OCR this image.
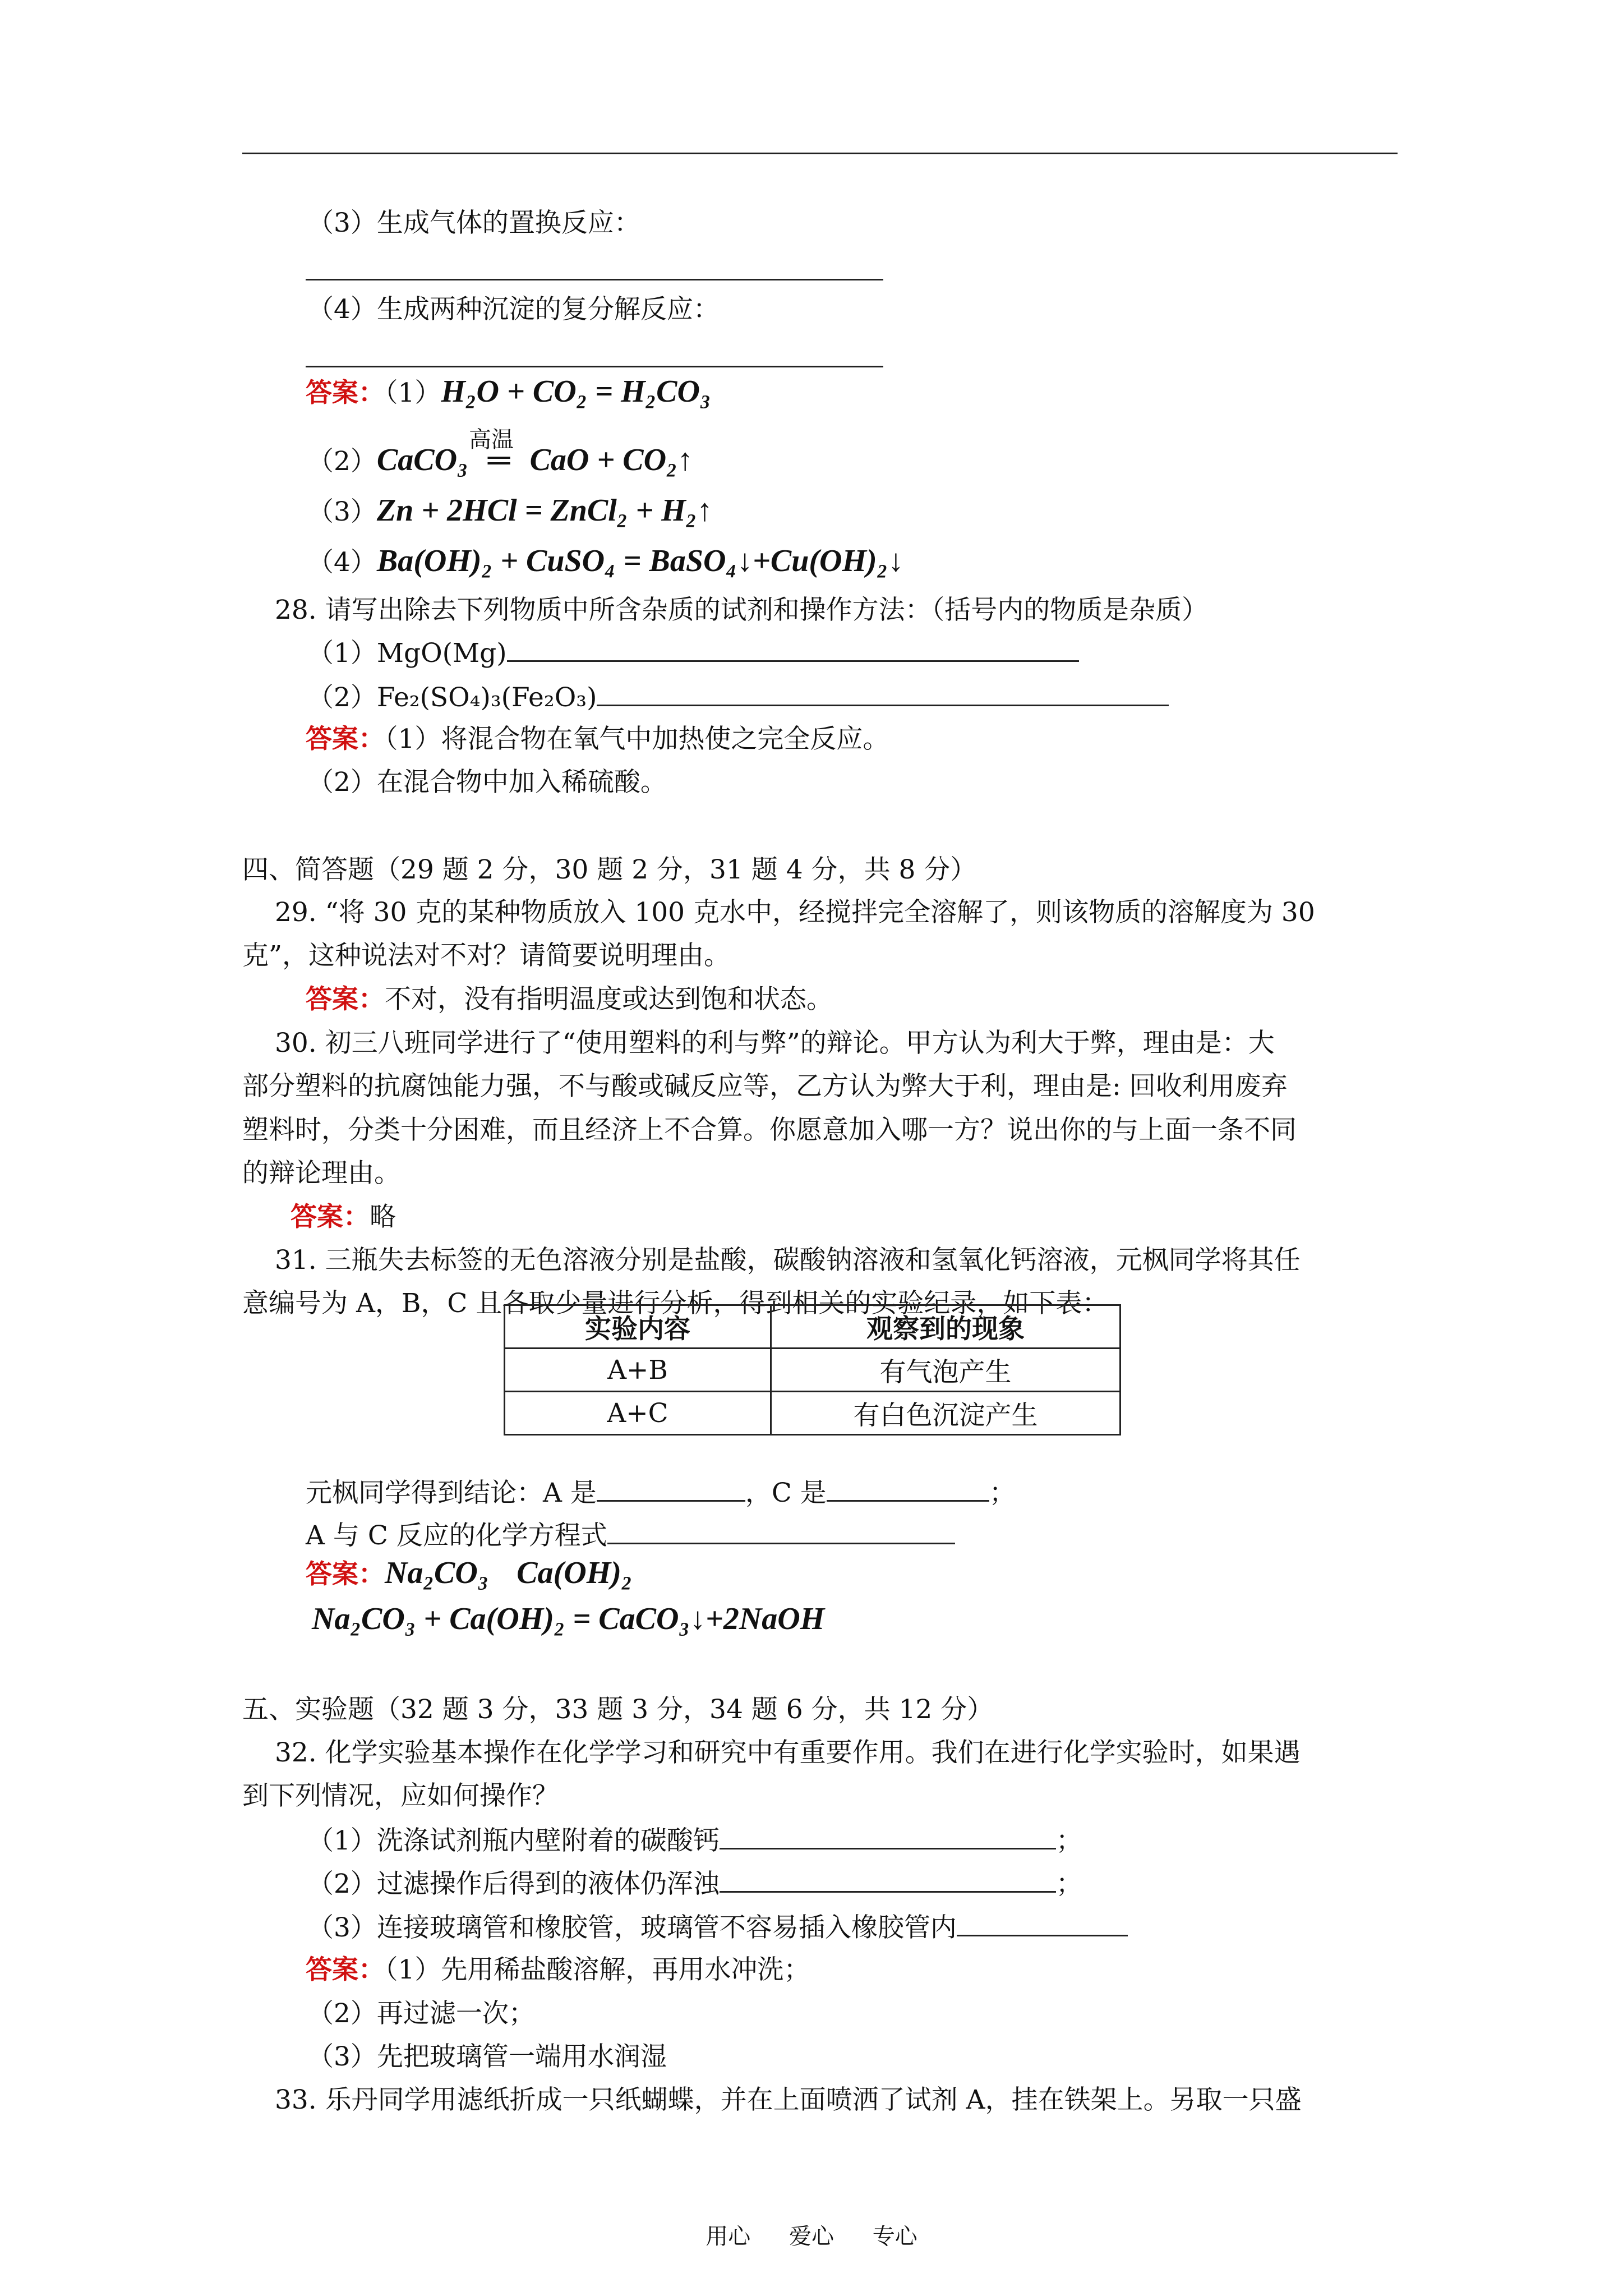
（3）生成气体的置换反应：
（4）生成两种沉淀的复分解反应：
答案：（1）H₂O + CO₂ = H₂CO₃
高温
（2）CaCO₃ ═ CaO + CO₂↑
（3）Zn + 2HCl = ZnCl₂ + H₂↑
（4）Ba(OH)₂ + CuSO₄ = BaSO₄↓+Cu(OH)₂↓
28. 请写出除去下列物质中所含杂质的试剂和操作方法：（括号内的物质是杂质）
（1）MgO(Mg)
（2）Fe₂(SO₄)₃(Fe₂O₃)
答案：（1）将混合物在氧气中加热使之完全反应。
（2）在混合物中加入稀硫酸。
四、简答题（29 题 2 分，30 题 2 分，31 题 4 分，共 8 分）
29. “将 30 克的某种物质放入 100 克水中，经搅拌完全溶解了，则该物质的溶解度为 30
克”，这种说法对不对？请简要说明理由。
答案：不对，没有指明温度或达到饱和状态。
30. 初三八班同学进行了“使用塑料的利与弊”的辩论。甲方认为利大于弊，理由是：大
部分塑料的抗腐蚀能力强，不与酸或碱反应等，乙方认为弊大于利，理由是: 回收利用废弃
塑料时，分类十分困难，而且经济上不合算。你愿意加入哪一方？说出你的与上面一条不同
的辩论理由。
答案：略
31. 三瓶失去标签的无色溶液分别是盐酸，碳酸钠溶液和氢氧化钙溶液，元枫同学将其任
意编号为 A，B，C 且各取少量进行分析，得到相关的实验纪录，如下表：
实验内容	观察到的现象
A+B	有气泡产生
A+C	有白色沉淀产生
元枫同学得到结论：A 是	，C 是	；
A 与 C 反应的化学方程式
答案：Na₂CO₃ Ca(OH)₂
Na₂CO₃ + Ca(OH)₂ = CaCO₃↓+2NaOH
五、实验题（32 题 3 分，33 题 3 分，34 题 6 分，共 12 分）
32. 化学实验基本操作在化学学习和研究中有重要作用。我们在进行化学实验时，如果遇
到下列情况，应如何操作？
（1）洗涤试剂瓶内壁附着的碳酸钙	；
（2）过滤操作后得到的液体仍浑浊	；
（3）连接玻璃管和橡胶管，玻璃管不容易插入橡胶管内
答案：（1）先用稀盐酸溶解，再用水冲洗；
（2）再过滤一次；
（3）先把玻璃管一端用水润湿
33. 乐丹同学用滤纸折成一只纸蝴蝶，并在上面喷洒了试剂 A，挂在铁架上。另取一只盛
用心 爱心 专心
